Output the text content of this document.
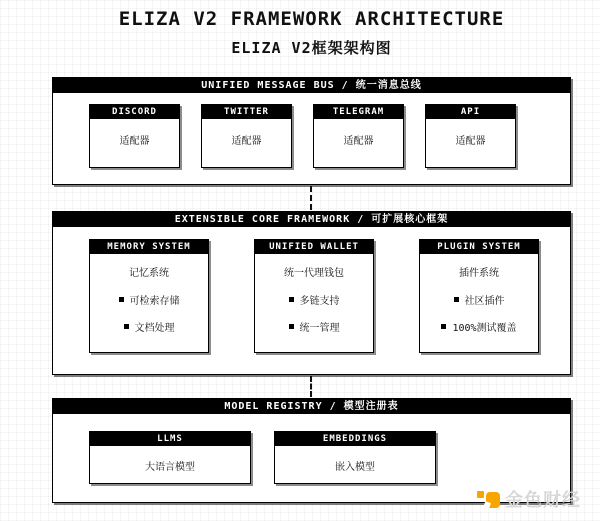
ELIZA V2 FRAMEWORK ARCHITECTURE
ELIZA V2框架架构图
UNIFIED MESSAGE BUS / 统一消息总线
DISCORD
适配器
TWITTER
适配器
TELEGRAM
适配器
API
适配器
EXTENSIBLE CORE FRAMEWORK / 可扩展核心框架
MEMORY SYSTEM
记忆系统
可检索存储
文档处理
UNIFIED WALLET
统一代理钱包
多链支持
统一管理
PLUGIN SYSTEM
插件系统
社区插件
100%测试覆盖
MODEL REGISTRY / 模型注册表
LLMS
大语言模型
EMBEDDINGS
嵌入模型
金色财经
